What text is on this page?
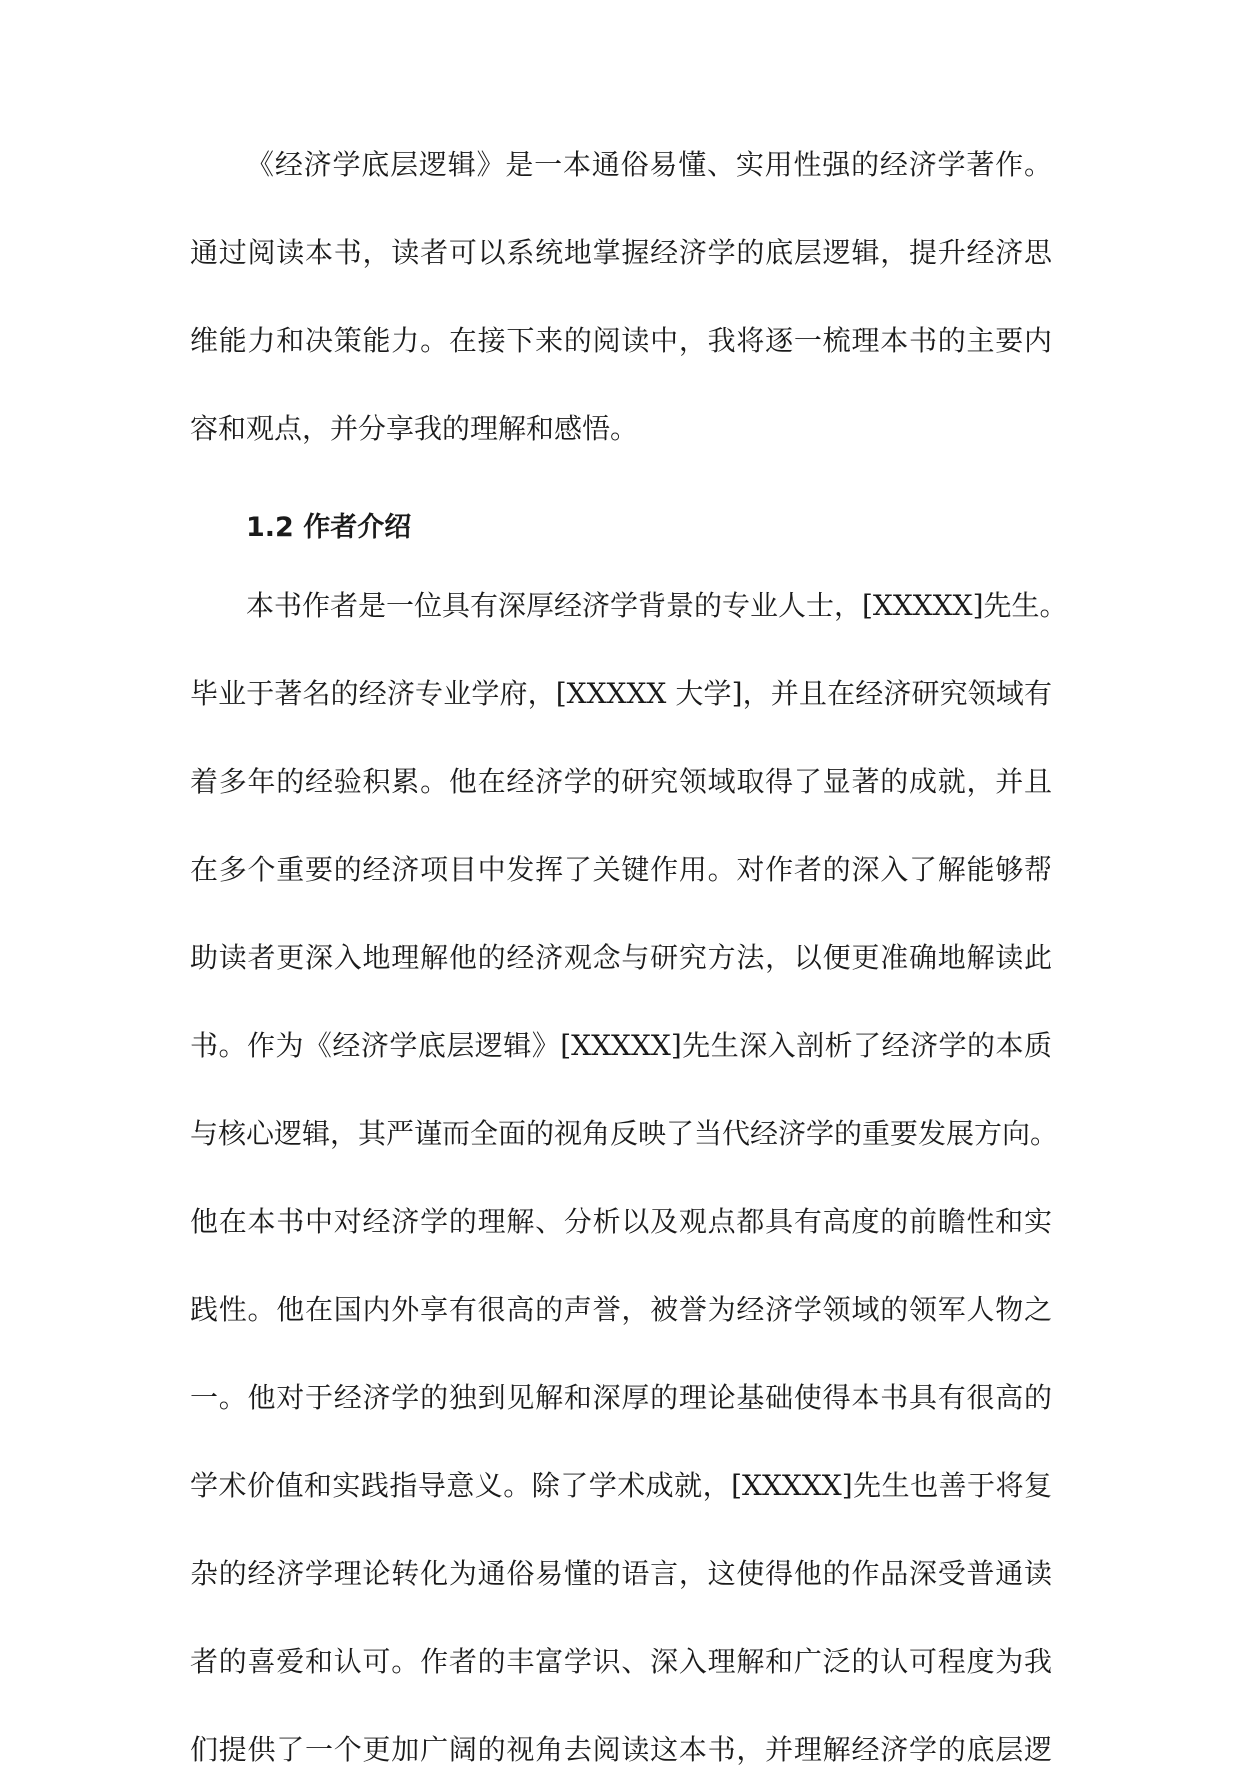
《经济学底层逻辑》是一本通俗易懂、实用性强的经济学著作。
通过阅读本书，读者可以系统地掌握经济学的底层逻辑，提升经济思
维能力和决策能力。在接下来的阅读中，我将逐一梳理本书的主要内
容和观点，并分享我的理解和感悟。
1.2 作者介绍
本书作者是一位具有深厚经济学背景的专业人士，[XXXXX]先生。
毕业于著名的经济专业学府，[XXXXX 大学]，并且在经济研究领域有
着多年的经验积累。他在经济学的研究领域取得了显著的成就，并且
在多个重要的经济项目中发挥了关键作用。对作者的深入了解能够帮
助读者更深入地理解他的经济观念与研究方法，以便更准确地解读此
书。作为《经济学底层逻辑》[XXXXX]先生深入剖析了经济学的本质
与核心逻辑，其严谨而全面的视角反映了当代经济学的重要发展方向。
他在本书中对经济学的理解、分析以及观点都具有高度的前瞻性和实
践性。他在国内外享有很高的声誉，被誉为经济学领域的领军人物之
一。他对于经济学的独到见解和深厚的理论基础使得本书具有很高的
学术价值和实践指导意义。除了学术成就，[XXXXX]先生也善于将复
杂的经济学理论转化为通俗易懂的语言，这使得他的作品深受普通读
者的喜爱和认可。作者的丰富学识、深入理解和广泛的认可程度为我
们提供了一个更加广阔的视角去阅读这本书，并理解经济学的底层逻
